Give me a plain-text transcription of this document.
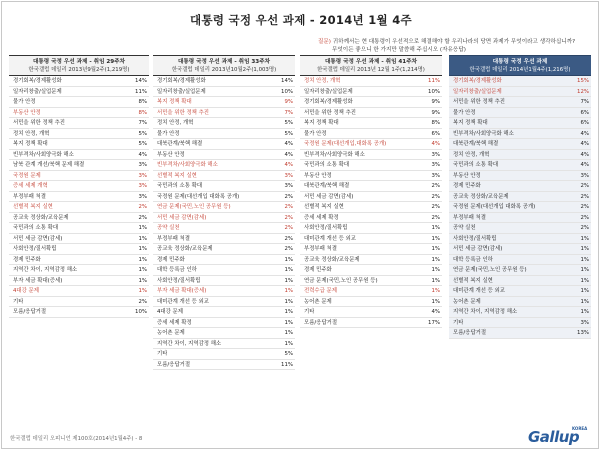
대통령 국정 우선 과제 - 2014년 1월 4주
질문) 귀하께서는 현 대통령이 우선적으로 해결해야 할 우리나라의 당면 과제가 무엇이라고 생각하십니까?
무엇이든 좋으니 한 가지만 말씀해 주십시오 (자유응답)
대통령 국정 우선 과제 - 취임 29주차
한국갤럽 데일리 2013년9월2주(1,219명)
경기회복/경제활성화	14%
일자리창출/실업문제	11%
물가 안정	8%
부동산 안정	8%
서민을 위한 정책 추진	7%
정치 안정, 개혁	5%
복지 정책 확대	5%
빈부격차/사회양극화 해소	4%
남북 관계 개선/북핵 문제 해결	3%
국정원 문제	3%
증세 세제 개혁	3%
부정부패 척결	3%
선별적 복지 실현	2%
공교육 정상화/교육문제	2%
국민과의 소통 확대	1%
서민 세금 감면(감세)	1%
사회안정/질서확립	1%
경제 민주화	1%
지역간 차이, 지역감정 해소	1%
부자 세금 확대(증세)	1%
4대강 문제	1%
기타	2%
모름/응답거절	10%
대통령 국정 우선 과제 - 취임 33주차
한국갤럽 데일리 2013년10월2주(1,003명)
경기회복/경제활성화	14%
일자리창출/실업문제	10%
복지 정책 확대	9%
서민을 위한 정책 추진	7%
정치 안정, 개혁	5%
물가 안정	5%
대북관계/북핵 해결	4%
부동산 안정	4%
빈부격차/사회양극화 해소	4%
선별적 복지 실현	3%
국민과의 소통 확대	3%
국정원 문제(대선개입 대화록 공개)	2%
연금 문제(국민,노인 공무원 등)	2%
서민 세금 감면(감세)	2%
공약 실천	2%
부정부패 척결	2%
공교육 정상화/교육문제	2%
경제 민주화	1%
대학 등록금 인하	1%
사회안정/질서확립	1%
부자 세금 확대(증세)	1%
대미관계 개선 등 외교	1%
4대강 문제	1%
증세 세제 확정	1%
농어촌 문제	1%
지역간 차이, 지역감정 해소	1%
기타	5%
모름/응답거절	11%
대통령 국정 우선 과제 - 취임 41주차
한국갤럽 데일리 2013년 12월 1주(1,214명)
정치 안정, 개혁	11%
일자리창출/실업문제	10%
경기회복/경제활성화	9%
서민을 위한 정책 추진	9%
복지 정책 확대	8%
물가 안정	6%
국정원 문제(대선개입,대화록 공개)	4%
빈부격차/사회양극화 해소	3%
국민과의 소통 확대	3%
부동산 안정	3%
대북관계/북핵 해결	2%
서민 세금 감면(감세)	2%
선별적 복지 실현	2%
증세 세제 확정	2%
사회안정/질서확립	1%
대미관계 개선 등 외교	1%
부정부패 척결	1%
공교육 정상화/교육문제	1%
경제 민주화	1%
연금 문제(국민,노인 공무원 등)	1%
전력수급 문제	1%
농어촌 문제	1%
기타	4%
모름/응답거절	17%
대통령 국정 우선 과제
한국갤럽 데일리 2014년1월4주(1,216명)
경기회복/경제활성화	15%
일자리창출/실업문제	12%
서민을 위한 정책 추진	7%
물가 안정	6%
복지 정책 확대	6%
빈부격차/사회양극화 해소	4%
대북관계/북핵 해결	4%
정치 안정, 개혁	4%
국민과의 소통 확대	4%
부동산 안정	3%
경제 민주화	2%
공교육 정상화/교육문제	2%
국정원 문제(대선개입 대화록 공개)	2%
부정부패 척결	2%
공약 실천	2%
사회안정/질서확립	1%
서민 세금 감면(감세)	1%
대학 등록금 인하	1%
연금 문제(국민,노인 공무원 등)	1%
선별적 복지 실현	1%
대미관계 개선 등 외교	1%
농어촌 문제	1%
지역간 차이, 지역감정 해소	1%
기타	3%
모름/응답거절	13%
한국갤럽 데일리 오피니언 제100호(2014년1월4주) - 8	Gallup
KOREA
